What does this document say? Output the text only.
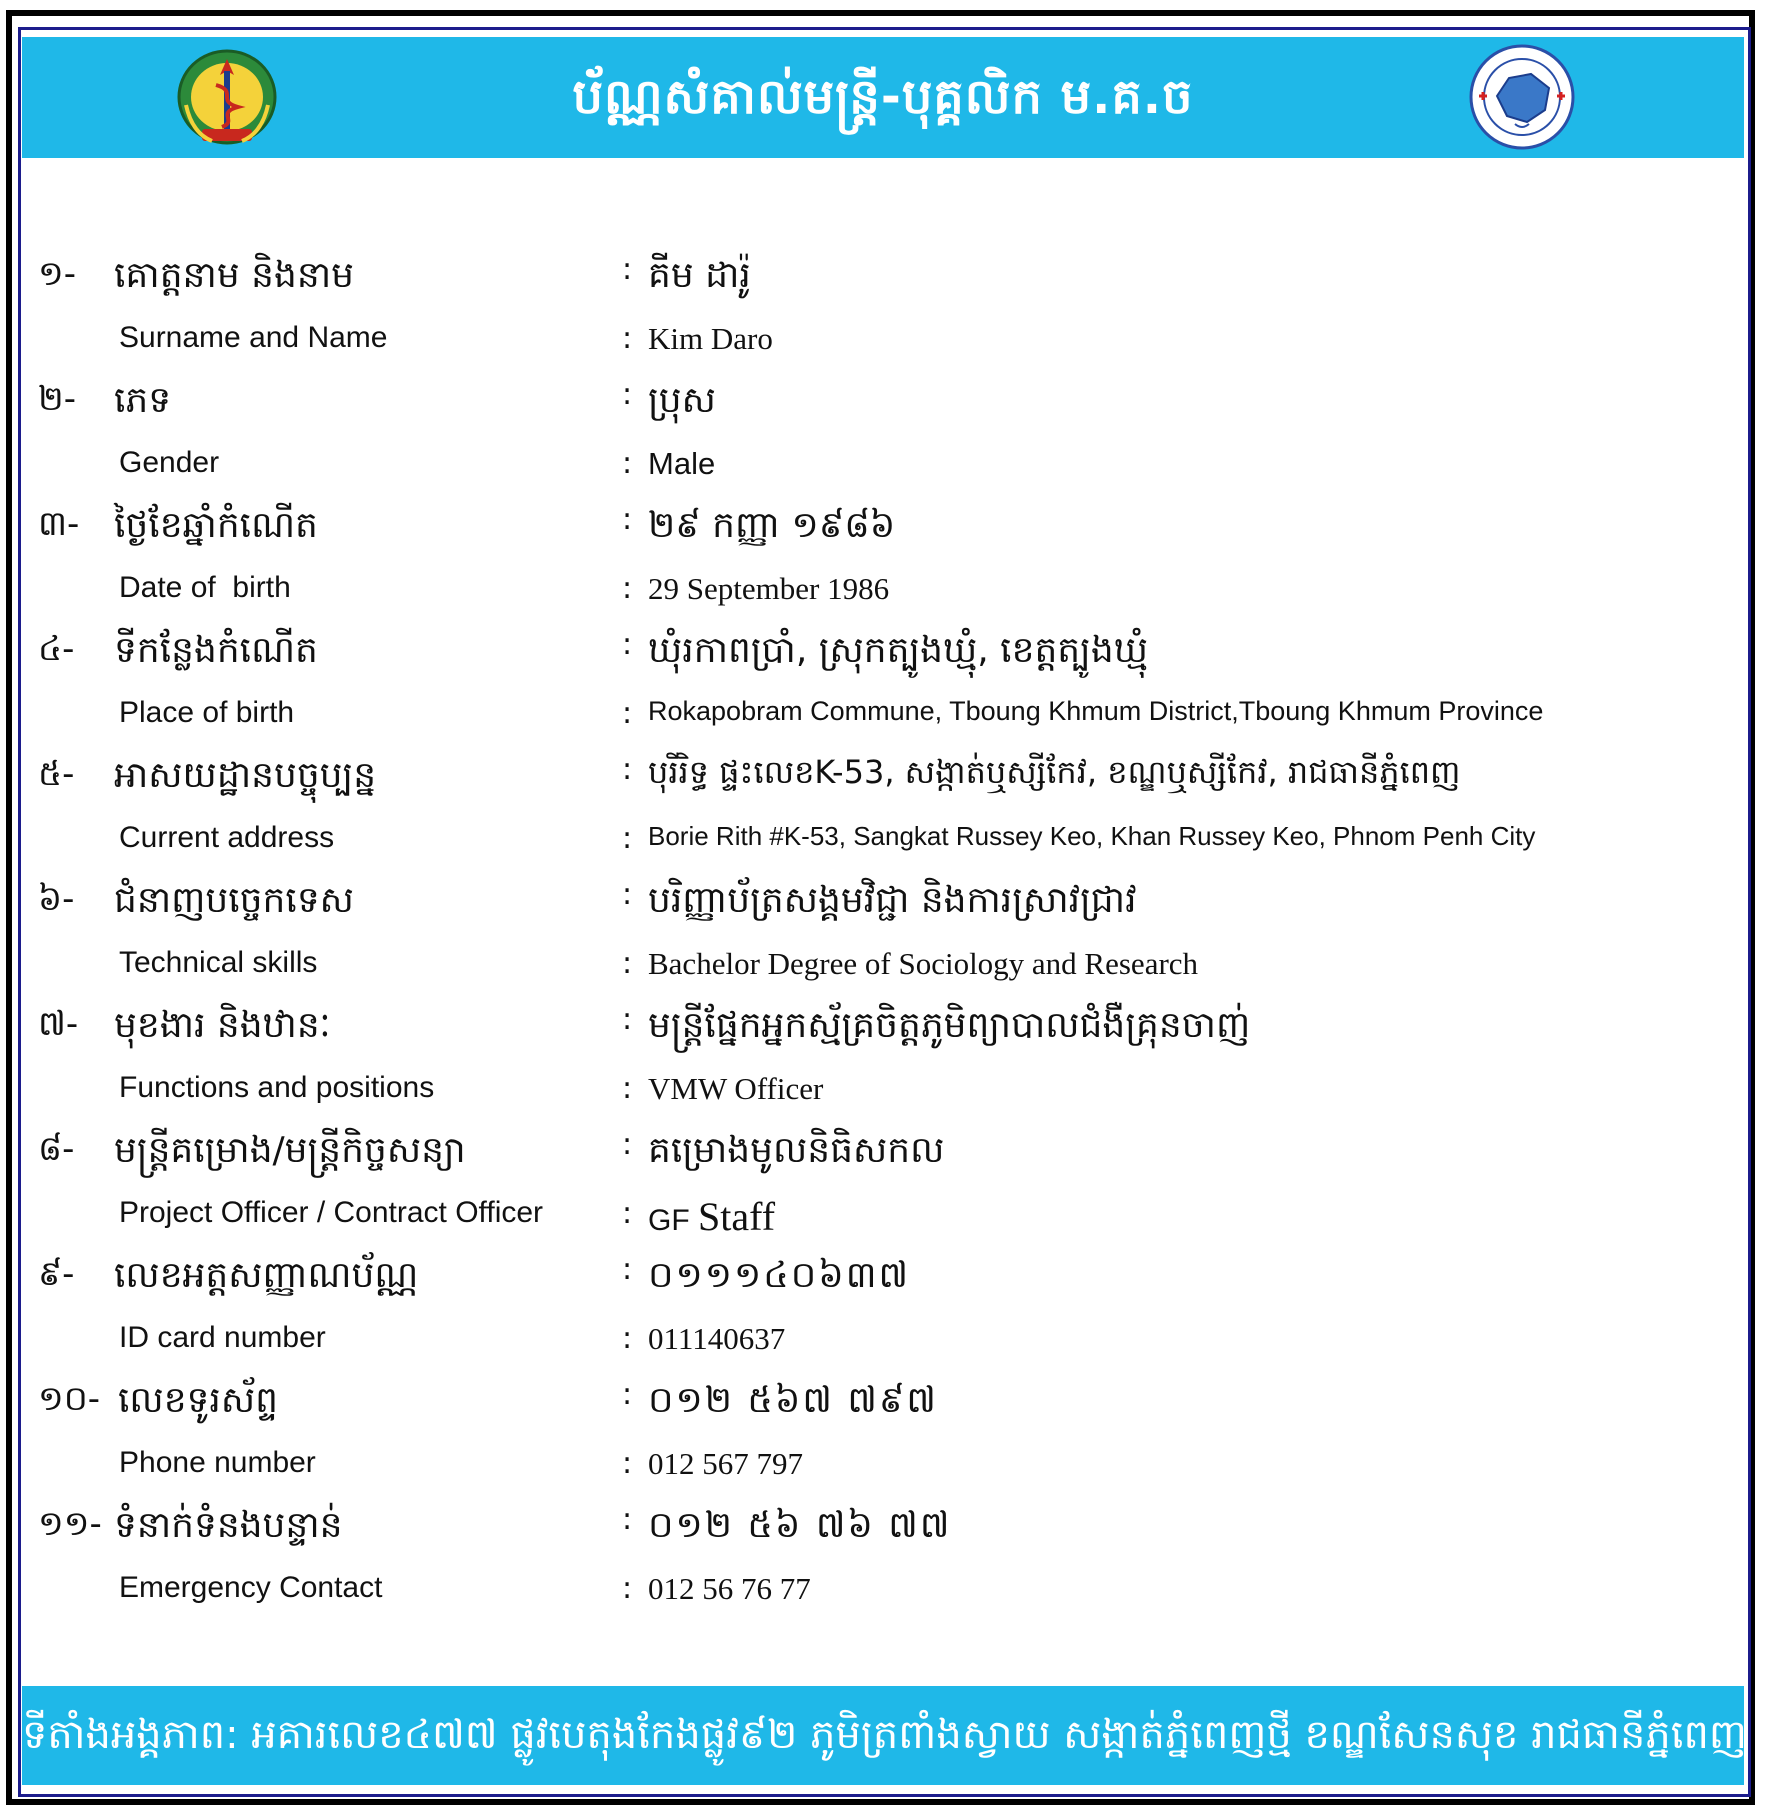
ប័ណ្ណសំគាល់មន្ត្រី-បុគ្គលិក ម.គ.ច
១- គោត្តនាម និងនាម	: គីម ដារ៉ូ
Surname and Name	: Kim Daro
២- ភេទ	: ប្រុស
Gender	: Male
៣- ថ្ងៃខែឆ្នាំកំណើត	: ២៩ កញ្ញា ១៩៨៦
Date of  birth	: 29 September 1986
៤- ទីកន្លែងកំណើត	: ឃុំរកាពប្រាំ, ស្រុកត្បូងឃ្មុំ, ខេត្តត្បូងឃ្មុំ
Place of birth	: Rokapobram Commune, Tboung Khmum District,Tboung Khmum Province
៥- អាសយដ្ឋានបច្ចុប្បន្ន	: បុរីរិទ្ធ ផ្ទះលេខK-53, សង្កាត់ឬស្សីកែវ, ខណ្ឌឬស្សីកែវ, រាជធានីភ្នំពេញ
Current address	: Borie Rith #K-53, Sangkat Russey Keo, Khan Russey Keo, Phnom Penh City
៦- ជំនាញបច្ចេកទេស	: បរិញ្ញាប័ត្រសង្គមវិជ្ជា និងការស្រាវជ្រាវ
Technical skills	: Bachelor Degree of Sociology and Research
៧- មុខងារ និងឋានៈ	: មន្ត្រីផ្នែកអ្នកស្ម័គ្រចិត្តភូមិព្យាបាលជំងឺគ្រុនចាញ់
Functions and positions	: VMW Officer
៨- មន្ត្រីគម្រោង/មន្ត្រីកិច្ចសន្យា	: គម្រោងមូលនិធិសកល
Project Officer / Contract Officer	: GF Staff
៩- លេខអត្តសញ្ញាណប័ណ្ណ	: ០១១១៤០៦៣៧
ID card number	: 011140637
១០- លេខទូរស័ព្ទ	: ០១២ ៥៦៧ ៧៩៧
Phone number	: 012 567 797
១១- ទំនាក់ទំនងបន្ទាន់	: ០១២ ៥៦ ៧៦ ៧៧
Emergency Contact	: 012 56 76 77
ទីតាំងអង្គភាព: អគារលេខ៤៧៧ ផ្លូវបេតុងកែងផ្លូវ៩២ ភូមិត្រពាំងស្វាយ សង្កាត់ភ្នំពេញថ្មី ខណ្ឌសែនសុខ រាជធានីភ្នំពេញ
